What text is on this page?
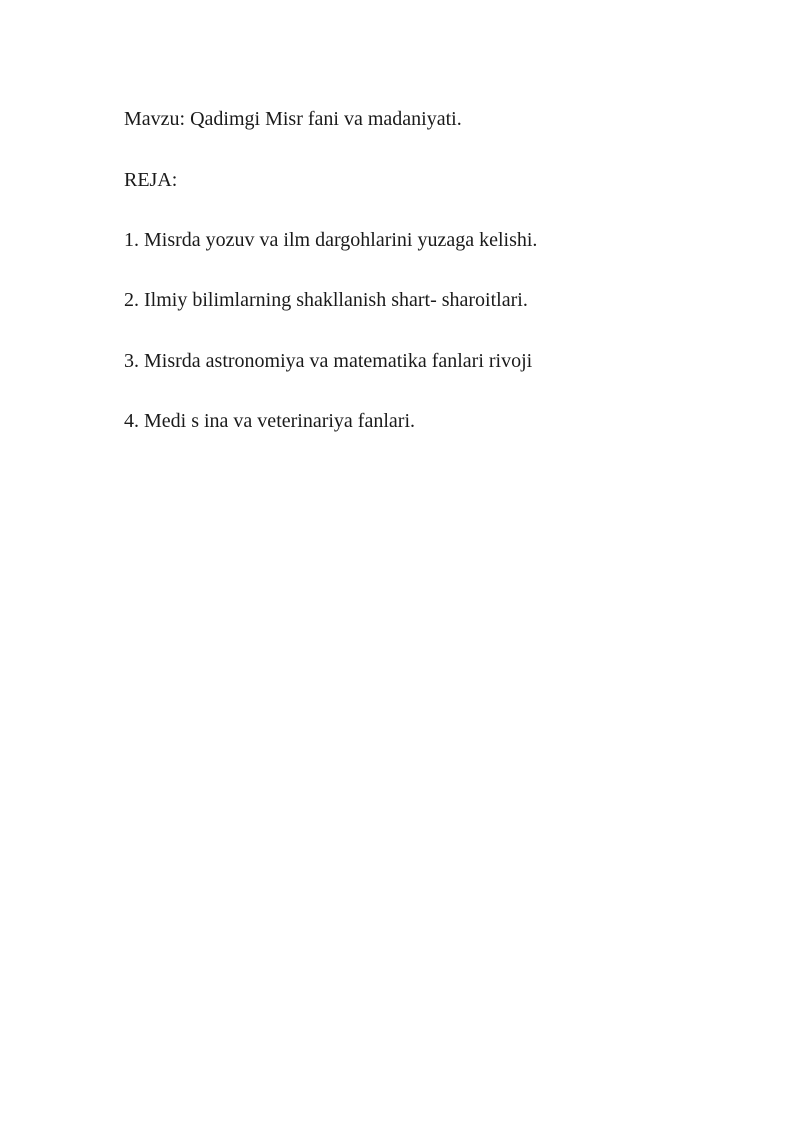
Mavzu: Qadimgi Misr fani va madaniyati.

REJA:

1. Misrda yozuv va ilm dargohlarini yuzaga kelishi.

2. Ilmiy bilimlarning shakllanish shart- sharoitlari.

3. Misrda astronomiya va matematika fanlari rivoji

4. Medi s ina va veterinariya fanlari.
